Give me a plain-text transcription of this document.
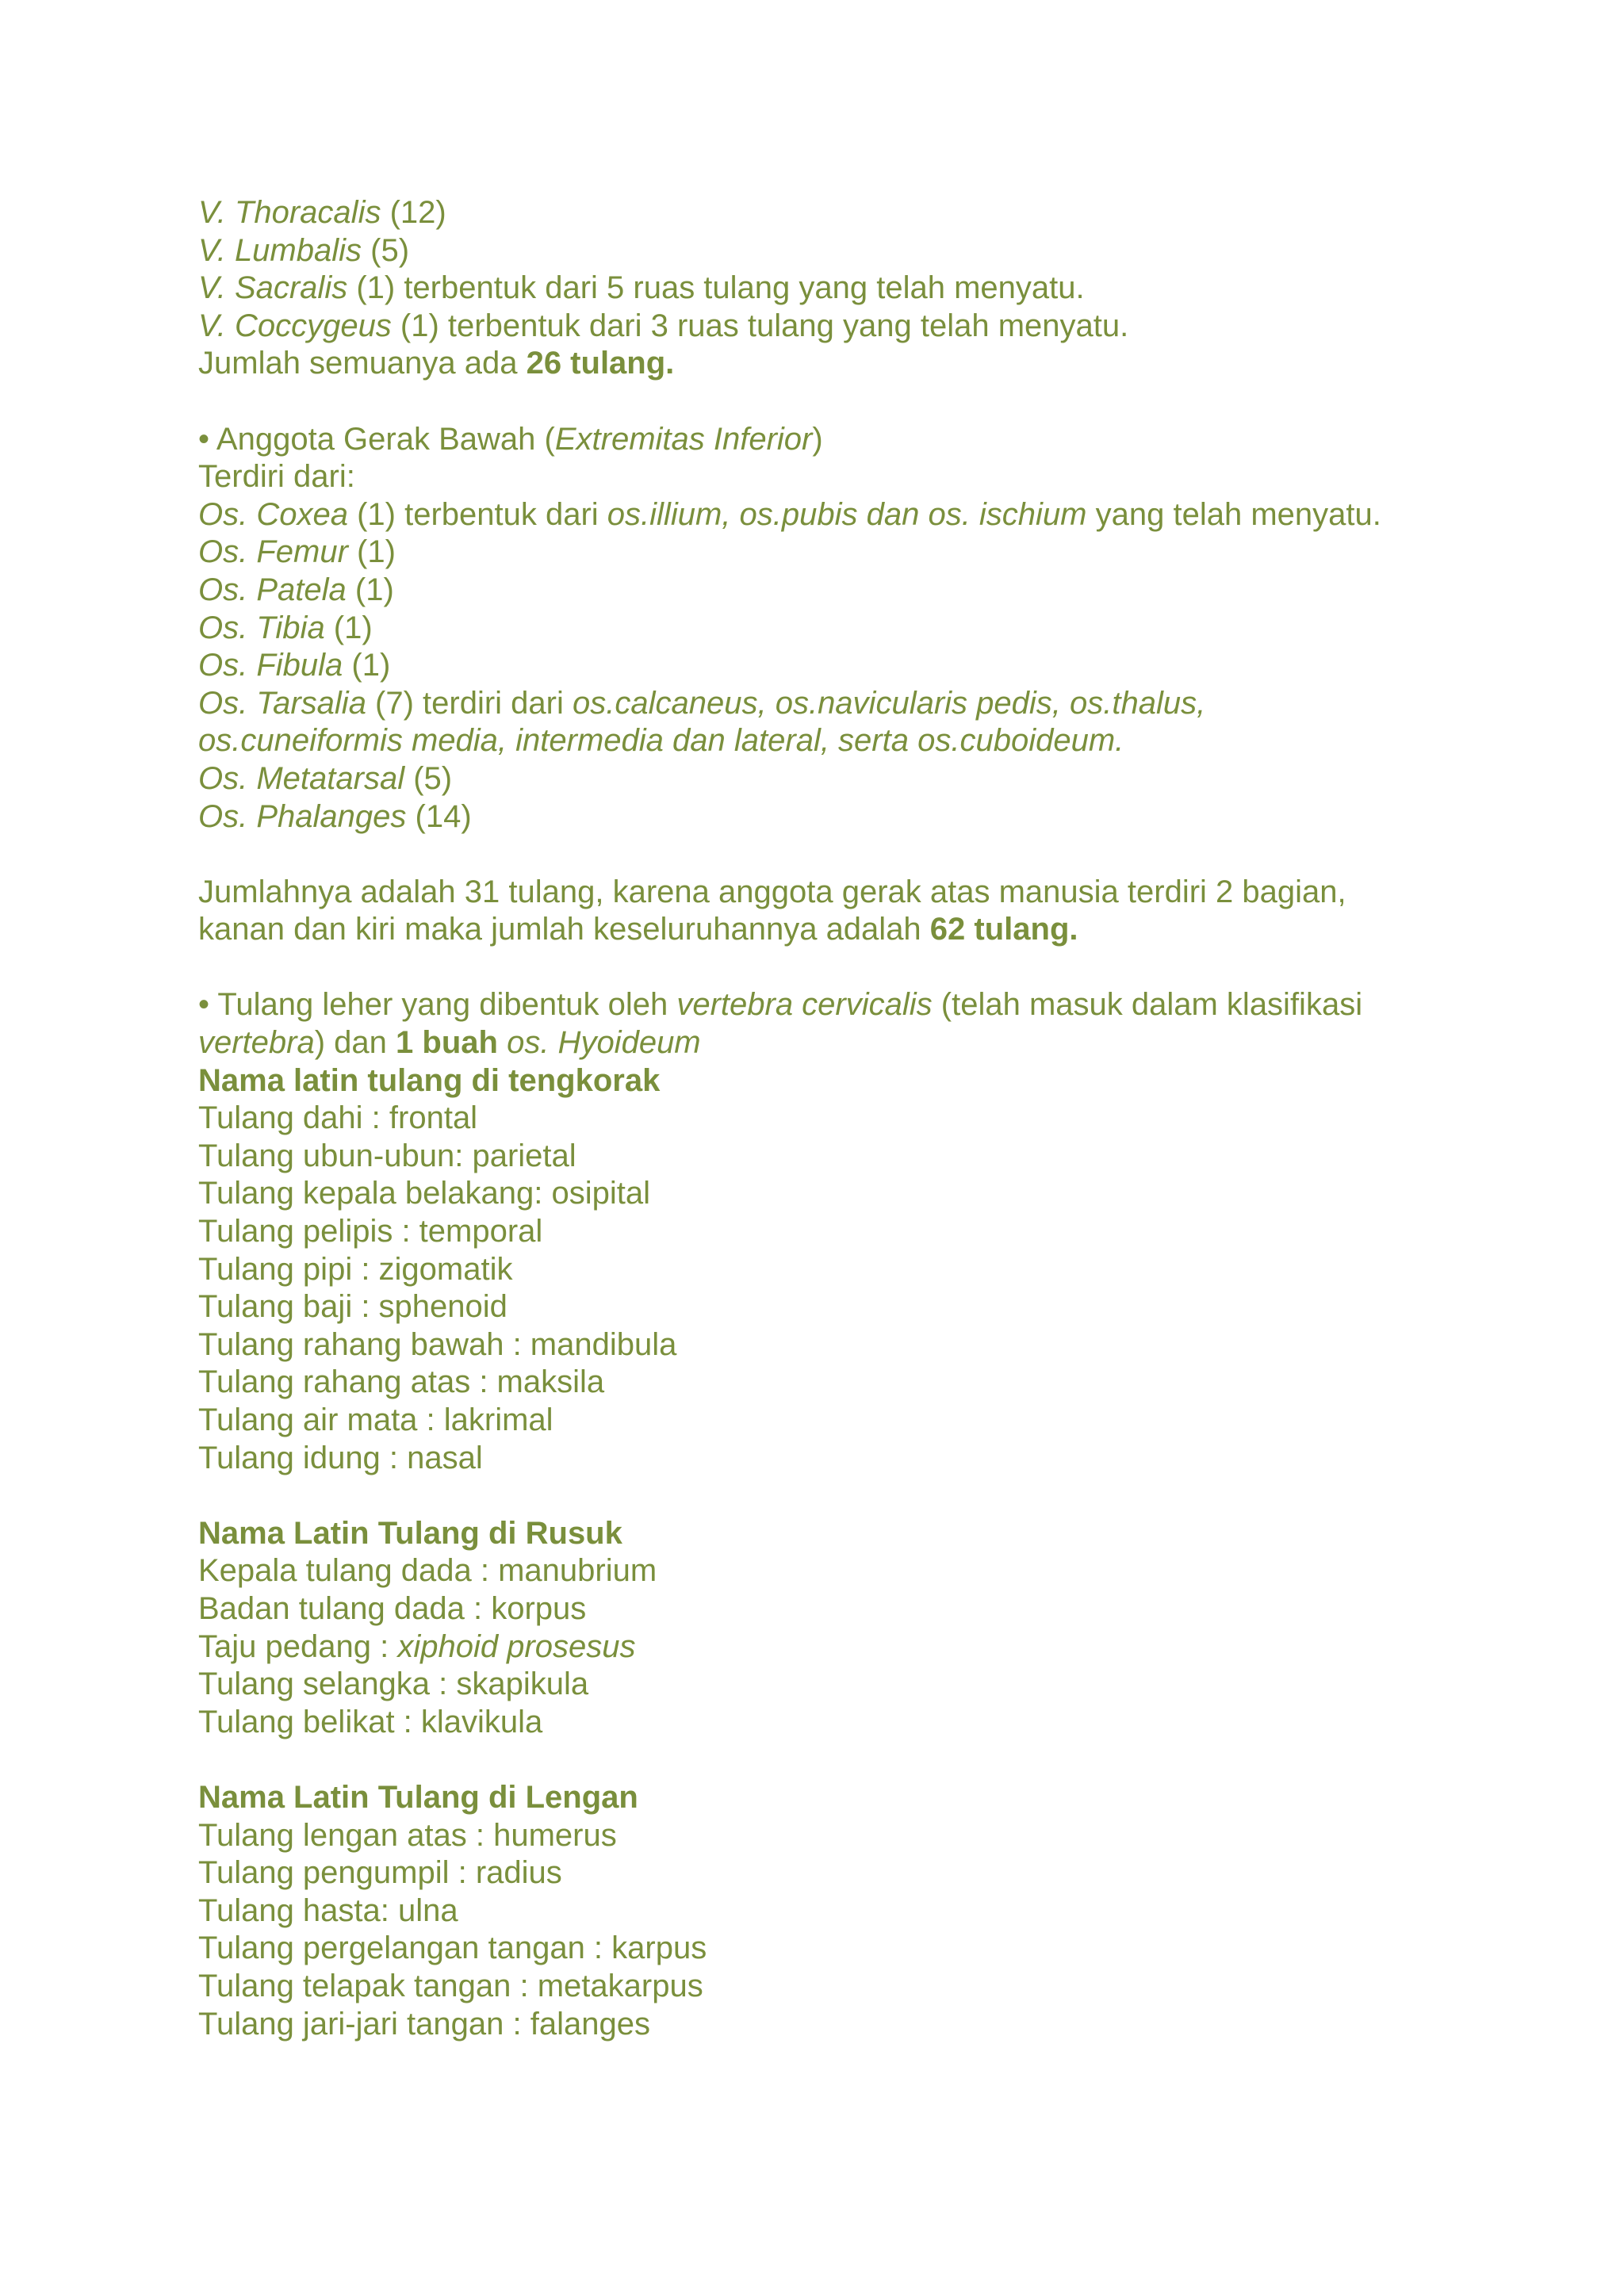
V. Thoracalis (12)
V. Lumbalis (5)
V. Sacralis (1) terbentuk dari 5 ruas tulang yang telah menyatu.
V. Coccygeus (1) terbentuk dari 3 ruas tulang yang telah menyatu.
Jumlah semuanya ada 26 tulang.
• Anggota Gerak Bawah (Extremitas Inferior)
Terdiri dari:
Os. Coxea (1) terbentuk dari os.illium, os.pubis dan os. ischium yang telah menyatu.
Os. Femur (1)
Os. Patela (1)
Os. Tibia (1)
Os. Fibula (1)
Os. Tarsalia (7) terdiri dari os.calcaneus, os.navicularis pedis, os.thalus,
os.cuneiformis media, intermedia dan lateral, serta os.cuboideum.
Os. Metatarsal (5)
Os. Phalanges (14)
Jumlahnya adalah 31 tulang, karena anggota gerak atas manusia terdiri 2 bagian,
kanan dan kiri maka jumlah keseluruhannya adalah 62 tulang.
• Tulang leher yang dibentuk oleh vertebra cervicalis (telah masuk dalam klasifikasi
vertebra) dan 1 buah os. Hyoideum
Nama latin tulang di tengkorak
Tulang dahi : frontal
Tulang ubun-ubun: parietal
Tulang kepala belakang: osipital
Tulang pelipis : temporal
Tulang pipi : zigomatik
Tulang baji : sphenoid
Tulang rahang bawah : mandibula
Tulang rahang atas : maksila
Tulang air mata : lakrimal
Tulang idung : nasal
Nama Latin Tulang di Rusuk
Kepala tulang dada : manubrium
Badan tulang dada : korpus
Taju pedang : xiphoid prosesus
Tulang selangka : skapikula
Tulang belikat : klavikula
Nama Latin Tulang di Lengan
Tulang lengan atas : humerus
Tulang pengumpil : radius
Tulang hasta: ulna
Tulang pergelangan tangan : karpus
Tulang telapak tangan : metakarpus
Tulang jari-jari tangan : falanges
